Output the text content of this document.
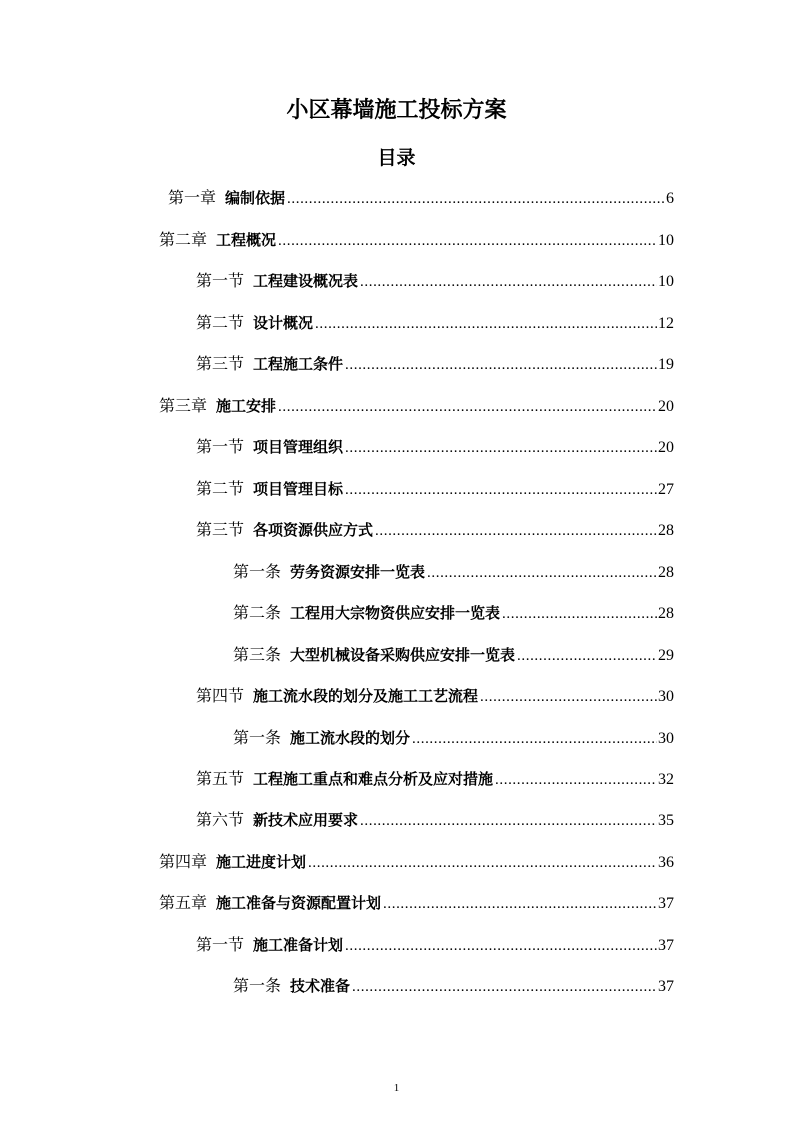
小区幕墙施工投标方案
目录
第一章 编制依据 .....	6
第二章 工程概况 .....	10
第一节 工程建设概况表 .....	10
第二节 设计概况 .....	12
第三节 工程施工条件 .....	19
第三章 施工安排 .....	20
第一节 项目管理组织 .....	20
第二节 项目管理目标 .....	27
第三节 各项资源供应方式 .....	28
第一条 劳务资源安排一览表 .....	28
第二条 工程用大宗物资供应安排一览表 .....	28
第三条 大型机械设备采购供应安排一览表 .....	29
第四节 施工流水段的划分及施工工艺流程 .....	30
第一条 施工流水段的划分 .....	30
第五节 工程施工重点和难点分析及应对措施 .....	32
第六节 新技术应用要求 .....	35
第四章 施工进度计划 .....	36
第五章 施工准备与资源配置计划 .....	37
第一节 施工准备计划 .....	37
第一条 技术准备 .....	37
1
